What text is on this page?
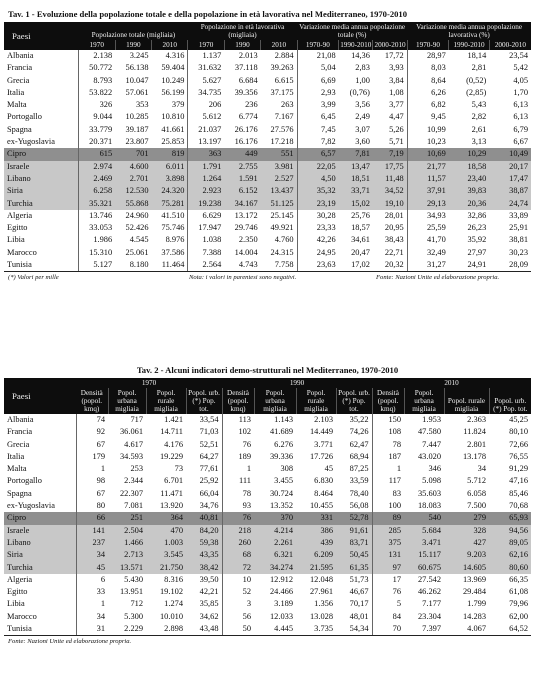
Tav. 1 - Evoluzione della popolazione totale e della popolazione in età lavorativa nel Mediterraneo, 1970-2010
Paesi	Popolazione totale (migliaia)			Popolazione in età lavorativa (migliaia)			Variazione media annua popolazione totale (%)			Variazione media annua popolazione lavorativa (%)		
	1970	1990	2010	1970	1990	2010	1970-90	1990-2010	2000-2010	1970-90	1990-2010	2000-2010
Albania	2.138	3.245	4.316	1.137	2.013	2.884	21,08	14,36	17,72	28,97	18,14	23,54
Francia	50.772	56.138	59.404	31.632	37.118	39.263	5,04	2,83	3,93	8,03	2,81	5,42
Grecia	8.793	10.047	10.249	5.627	6.684	6.615	6,69	1,00	3,84	8,64	(0,52)	4,05
Italia	53.822	57.061	56.199	34.735	39.356	37.175	2,93	(0,76)	1,08	6,26	(2,85)	1,70
Malta	326	353	379	206	236	263	3,99	3,56	3,77	6,82	5,43	6,13
Portogallo	9.044	10.285	10.810	5.612	6.774	7.167	6,45	2,49	4,47	9,45	2,82	6,13
Spagna	33.779	39.187	41.661	21.037	26.176	27.576	7,45	3,07	5,26	10,99	2,61	6,79
ex-Yugoslavia	20.371	23.807	25.853	13.197	16.176	17.218	7,82	3,60	5,71	10,23	3,13	6,67
Cipro	615	701	819	363	449	551	6,57	7,81	7,19	10,69	10,29	10,49
Israele	2.974	4.600	6.011	1.791	2.755	3.981	22,05	13,47	17,75	21,77	18,58	20,17
Libano	2.469	2.701	3.898	1.264	1.591	2.527	4,50	18,51	11,48	11,57	23,40	17,47
Siria	6.258	12.530	24.320	2.923	6.152	13.437	35,32	33,71	34,52	37,91	39,83	38,87
Turchia	35.321	55.868	75.281	19.238	34.167	51.125	23,19	15,02	19,10	29,13	20,36	24,74
Algeria	13.746	24.960	41.510	6.629	13.172	25.145	30,28	25,76	28,01	34,93	32,86	33,89
Egitto	33.053	52.426	75.746	17.947	29.746	49.921	23,33	18,57	20,95	25,59	26,23	25,91
Libia	1.986	4.545	8.976	1.038	2.350	4.760	42,26	34,61	38,43	41,70	35,92	38,81
Marocco	15.310	25.061	37.586	7.388	14.004	24.315	24,95	20,47	22,71	32,49	27,97	30,23
Tunisia	5.127	8.180	11.464	2.564	4.743	7.758	23,63	17,02	20,32	31,27	24,91	28,09
(*) Valori per mille	Nota: i valori in parentesi sono negativi.	Fonte: Nazioni Unite ed elaborazione propria.
Tav. 2 - Alcuni indicatori demo-strutturali nel Mediterraneo, 1970-2010
Paesi	1970				1990				2010			
	Densità (popol. kmq)	Popol. urbana migliaia	Popol. rurale migliaia	Popol. urb. (*) Pop. tot.	Densità (popol. kmq)	Popol. urbana migliaia	Popol. rurale migliaia	Popol. urb. (*) Pop. tot.	Densità (popol. kmq)	Popol. urbana migliaia	Popol. rurale migliaia	Popol. urb. (*) Pop. tot.
Albania	74	717	1.421	33,54	113	1.143	2.103	35,22	150	1.953	2.363	45,25
Francia	92	36.061	14.711	71,03	102	41.689	14.449	74,26	108	47.580	11.824	80,10
Grecia	67	4.617	4.176	52,51	76	6.276	3.771	62,47	78	7.447	2.801	72,66
Italia	179	34.593	19.229	64,27	189	39.336	17.726	68,94	187	43.020	13.178	76,55
Malta	1	253	73	77,61	1	308	45	87,25	1	346	34	91,29
Portogallo	98	2.344	6.701	25,92	111	3.455	6.830	33,59	117	5.098	5.712	47,16
Spagna	67	22.307	11.471	66,04	78	30.724	8.464	78,40	83	35.603	6.058	85,46
ex-Yugoslavia	80	7.081	13.920	34,76	93	13.352	10.455	56,08	100	18.083	7.500	70,68
Cipro	66	251	364	40,81	76	370	331	52,78	89	540	279	65,93
Israele	141	2.504	470	84,20	218	4.214	386	91,61	285	5.684	328	94,56
Libano	237	1.466	1.003	59,38	260	2.261	439	83,71	375	3.471	427	89,05
Siria	34	2.713	3.545	43,35	68	6.321	6.209	50,45	131	15.117	9.203	62,16
Turchia	45	13.571	21.750	38,42	72	34.274	21.595	61,35	97	60.675	14.605	80,60
Algeria	6	5.430	8.316	39,50	10	12.912	12.048	51,73	17	27.542	13.969	66,35
Egitto	33	13.951	19.102	42,21	52	24.466	27.961	46,67	76	46.262	29.484	61,08
Libia	1	712	1.274	35,85	3	3.189	1.356	70,17	5	7.177	1.799	79,96
Marocco	34	5.300	10.010	34,62	56	12.033	13.028	48,01	84	23.304	14.283	62,00
Tunisia	31	2.229	2.898	43,48	50	4.445	3.735	54,34	70	7.397	4.067	64,52
Fonte: Nazioni Unite ed elaborazione propria.
